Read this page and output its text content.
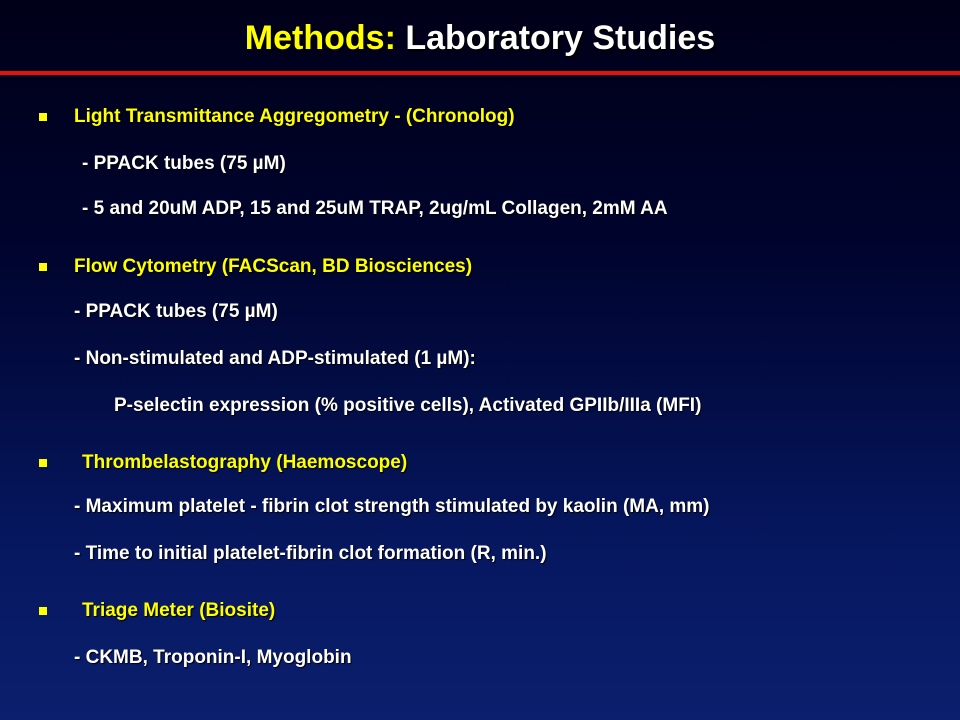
Methods: Laboratory Studies
Light Transmittance Aggregometry - (Chronolog)
- PPACK tubes (75 µM)
- 5 and 20uM ADP, 15 and 25uM TRAP, 2ug/mL Collagen, 2mM AA
Flow Cytometry (FACScan, BD Biosciences)
- PPACK tubes (75 µM)
- Non-stimulated and ADP-stimulated (1 µM):
P-selectin expression (% positive cells), Activated GPIIb/IIIa (MFI)
Thrombelastography (Haemoscope)
- Maximum platelet - fibrin clot strength stimulated by kaolin (MA, mm)
- Time to initial platelet-fibrin clot formation (R, min.)
Triage Meter (Biosite)
- CKMB, Troponin-I, Myoglobin
